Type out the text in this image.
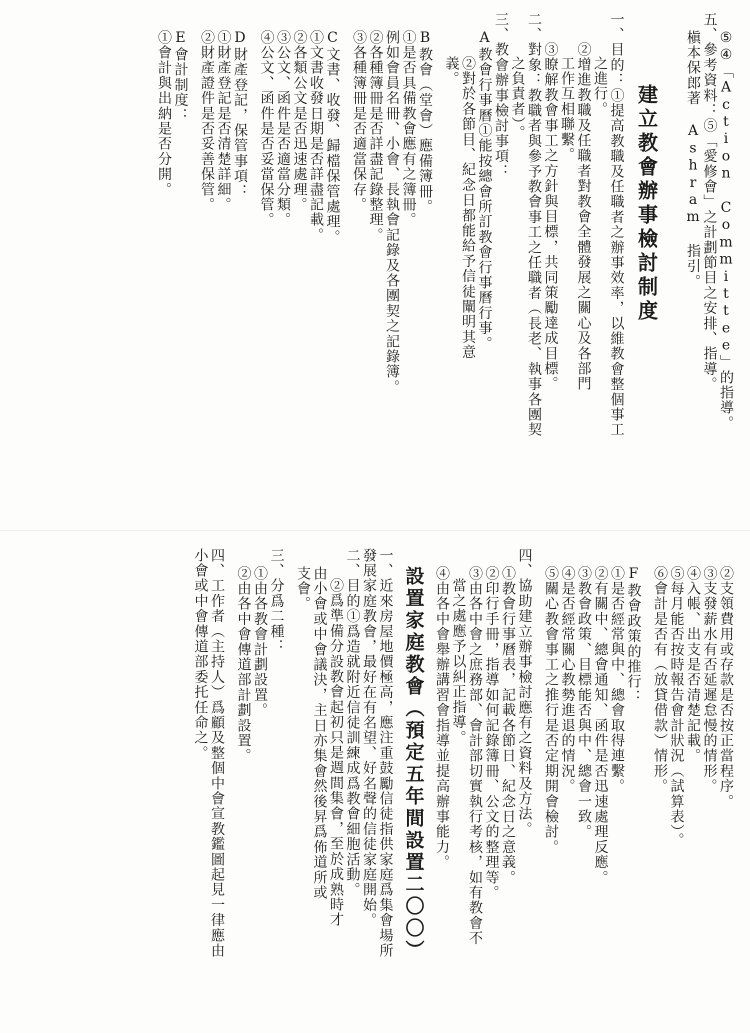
⑤④「Action Committee」的指導。
五、參考資料：⑤「愛修會」之計劃節目之安排、指導。
槇本保郎著 Ashram 指引。
建立教會辦事檢討制度
一、目的：①提高教職及任職者之辦事效率，以維教會整個事工
之進行。
②增進教職及任職者對教會全體發展之關心及各部門
工作互相聯繫。
③瞭解教會事工之方針與目標，共同策勵達成目標。
二、對象：教職者與參予教會事工之任職者（長老、執事各團契
之負責者）。
三、教會辦事檢討事項：
A教會行事曆①能按總會所訂教會行事曆行事。
②對於各節目、紀念日都能給予信徒闡明其意
義。
B教會（堂會）應備簿冊。
①是否具備教會應有之簿冊。
例如會員名冊、小會、長執會記錄及各團契之記錄簿。
②各種簿冊是否詳盡記錄整理。
③各種簿冊是否適當保存。
C文書、收發、歸檔保管處理。
①文書收發日期是否詳盡記載。
②各類公文是否迅速處理。
③公文、函件是否適當分類。
④公文、函件是否妥當保管。
D財產登記，保管事項：
①財產登記是否清楚詳細。
②財產證件是否妥善保管。
E會計制度：
①會計與出納是否分開。
②支領費用或存款是否按正當程序。
③支發薪水有否延遲怠慢的情形。
④入帳、出支是否清楚記載。
⑤每月能否按時報告會計狀況（試算表）。
⑥會計是否有（放貸借款）情形。
F教會政策的推行：
①是否經常與中、總會取得連繫。
②有關中、總會通知、函件是否迅速處理反應。
③教會政策、目標能否與中、總會一致。
④是否經常關心教勢進退的情況。
⑤關心教會事工之推行是否定期開會檢討。
四、協助建立辦事檢討應有之資料及方法。
①教會行事曆表，記載各節日、紀念日之意義。
②印行手冊，指導如何記錄簿冊、公文的整理等。
③由各中會之庶務部、會計部切實執行考核，如有教會不
當之處應予以糾正指導。
④由各中會舉辦講習會指導並提高辦事能力。
設置家庭教會（預定五年間設置二〇〇）
一、近來房屋地價極高，應注重鼓勵信徒指供家庭爲集會場所
發展家庭教會，最好在有名望、好名聲的信徒家庭開始。
二、目的①爲造就附近信徒訓練成爲教會細胞活動。
②爲準備分設教會起初只是週間集會，至於成熟時才
由小會或中會議決，主日亦集會然後昇爲佈道所或
支會。
三、分爲二種：
①由各教會計劃設置。
②由各中會傳道部計劃設置。
四、工作者（主持人）爲顧及整個中會宣教鑑圖起見一律應由
小會或中會傳道部委托任命之。
